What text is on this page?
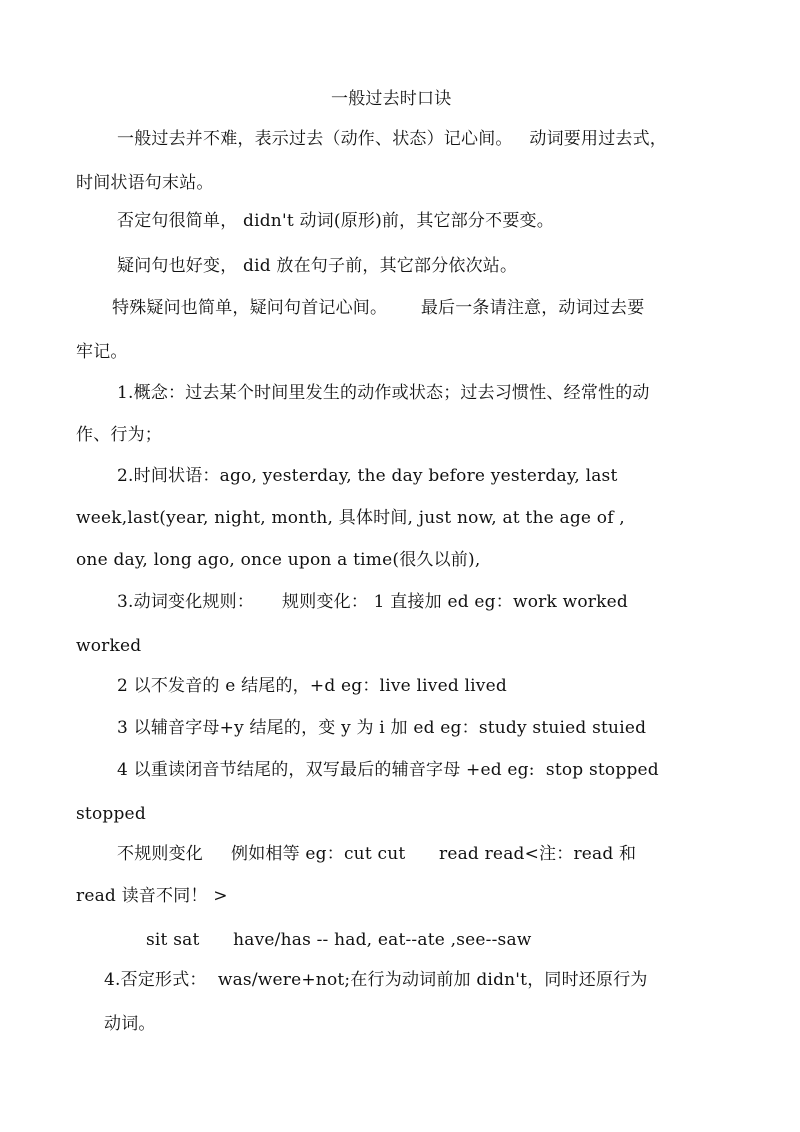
一般过去时口诀
一般过去并不难，表示过去（动作、状态）记心间。   动词要用过去式，
时间状语句末站。
否定句很简单， didn't 动词(原形)前，其它部分不要变。
疑问句也好变， did 放在句子前，其它部分依次站。
特殊疑问也简单，疑问句首记心间。      最后一条请注意，动词过去要
牢记。
1.概念：过去某个时间里发生的动作或状态；过去习惯性、经常性的动
作、行为；
2.时间状语：ago, yesterday, the day before yesterday, last
week,last(year, night, month, 具体时间, just now, at the age of ,
one day, long ago, once upon a time(很久以前),
3.动词变化规则：     规则变化： 1 直接加 ed eg：work worked
worked
2 以不发音的 e 结尾的，+d eg：live lived lived
3 以辅音字母+y 结尾的，变 y 为 i 加 ed eg：study stuied stuied
4 以重读闭音节结尾的，双写最后的辅音字母 +ed eg:  stop stopped
stopped
不规则变化     例如相等 eg：cut cut      read read<注：read 和
read 读音不同！ >
sit sat      have/has -- had, eat--ate ,see--saw
4.否定形式：  was/were+not;在行为动词前加 didn't，同时还原行为
动词。
